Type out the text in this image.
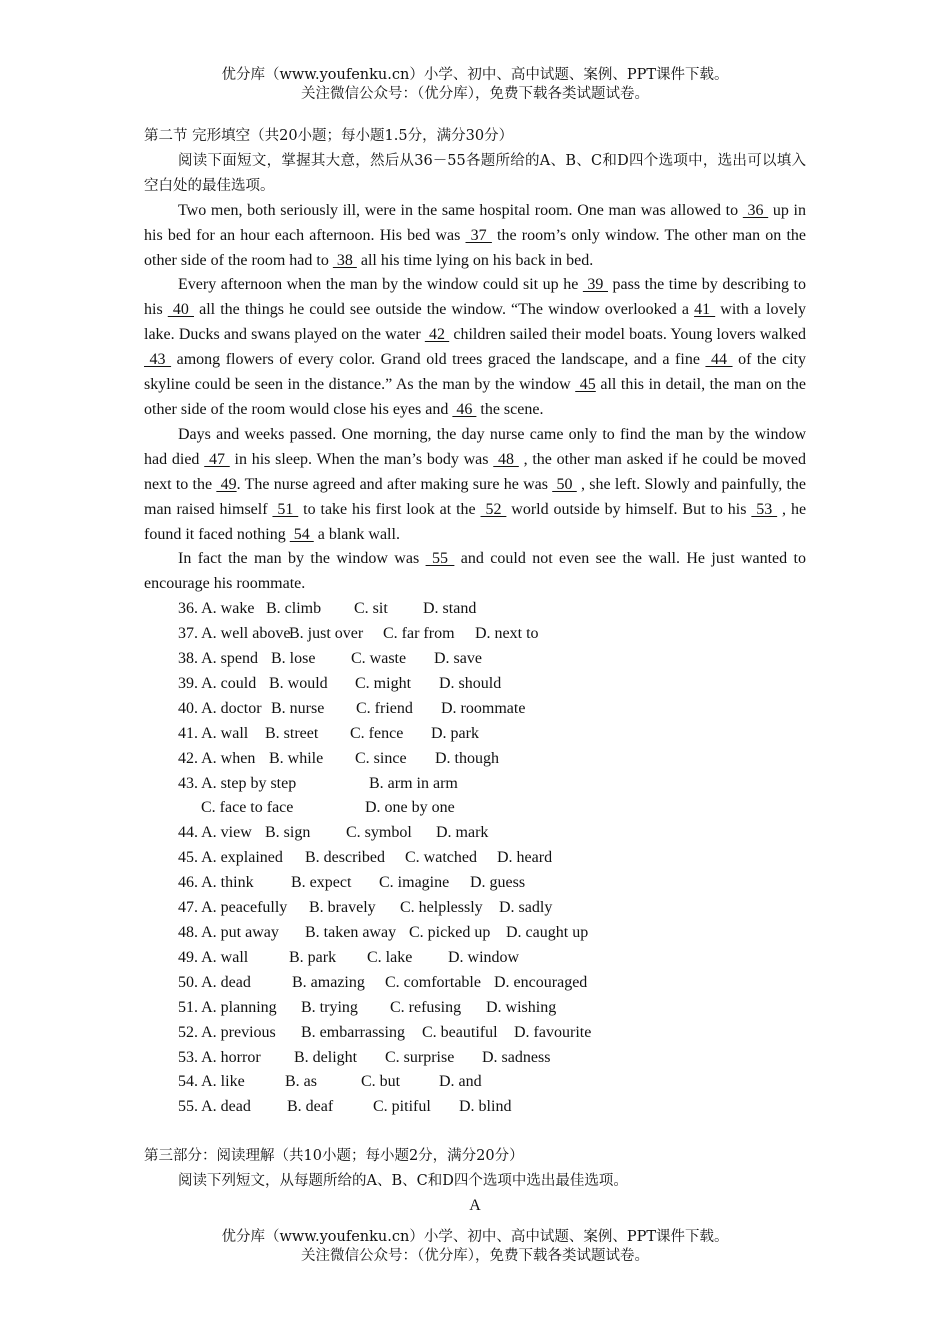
优分库（www.youfenku.cn）小学、初中、高中试题、案例、PPT课件下载。
关注微信公众号：（优分库），免费下载各类试题试卷。

第二节 完形填空（共20小题；每小题1.5分，满分30分）

阅读下面短文，掌握其大意，然后从36－55各题所给的A、B、C和D四个选项中，选出可以填入空白处的最佳选项。

Two men, both seriously ill, were in the same hospital room. One man was allowed to  36  up in his bed for an hour each afternoon. His bed was  37  the room’s only window. The other man on the other side of the room had to  38  all his time lying on his back in bed.

Every afternoon when the man by the window could sit up he  39  pass the time by describing to his  40  all the things he could see outside the window. “The window overlooked a 41  with a lovely lake. Ducks and swans played on the water  42  children sailed their model boats. Young lovers walked  43  among flowers of every color. Grand old trees graced the landscape, and a fine  44  of the city skyline could be seen in the distance.” As the man by the window  45 all this in detail, the man on the other side of the room would close his eyes and  46  the scene.

Days and weeks passed. One morning, the day nurse came only to find the man by the window had died  47  in his sleep. When the man’s body was  48  , the other man asked if he could be moved next to the  49. The nurse agreed and after making sure he was  50  , she left. Slowly and painfully, the man raised himself  51  to take his first look at the  52  world outside by himself. But to his  53  , he found it faced nothing  54  a blank wall.

In fact the man by the window was  55  and could not even see the wall. He just wanted to encourage his roommate.

36. A. wake B. climb	C. sit	D. stand
37. A. well above
B. just over	C. far from	D. next to
38. A. spend B. lose	C. waste	D. save
39. A. could B. would	C. might	D. should
40. A. doctor B. nurse	C. friend	D. roommate
41. A. wall	B. street	C. fence	D. park
42. A. when B. while	C. since	D. though
43. A. step by step	B. arm in arm
C. face to face	D. one by one
44. A. view B. sign	C. symbol	D. mark
45. A. explained	B. described	C. watched	D. heard
46. A. think	B. expect	C. imagine	D. guess
47. A. peacefully	B. bravely	C. helplessly	D. sadly
48. A. put away	B. taken away C. picked up D. caught up
49. A. wall	B. park	C. lake	D. window
50. A. dead	B. amazing	C. comfortable D. encouraged
51. A. planning	B. trying	C. refusing	D. wishing
52. A. previous	B. embarrassing	C. beautiful	D. favourite
53. A. horror	B. delight	C. surprise	D. sadness
54. A. like	B. as	C. but	D. and
55. A. dead	B. deaf	C. pitiful	D. blind

第三部分：阅读理解（共10小题；每小题2分，满分20分）

阅读下列短文，从每题所给的A、B、C和D四个选项中选出最佳选项。

A

优分库（www.youfenku.cn）小学、初中、高中试题、案例、PPT课件下载。
关注微信公众号：（优分库），免费下载各类试题试卷。
